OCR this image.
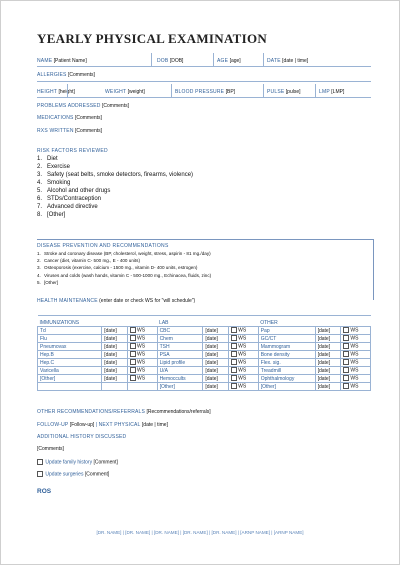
YEARLY PHYSICAL EXAMINATION
NAME [Patient Name]	DOB [DOB]	AGE [age]	DATE [date | time]
ALLERGIES [Comments]
HEIGHT [height]	WEIGHT [weight]	BLOOD PRESSURE [BP]	PULSE [pulse]	LMP [LMP]
PROBLEMS ADDRESSED [Comments]
MEDICATIONS [Comments]
RXS WRITTEN [Comments]
RISK FACTORS REVIEWED
1. Diet
2. Exercise
3. Safety (seat belts, smoke detectors, firearms, violence)
4. Smoking
5. Alcohol and other drugs
6. STDs/Contraception
7. Advanced directive
8. [Other]
DISEASE PREVENTION AND RECOMMENDATIONS
1. Stroke and coronary disease (BP, cholesterol, weight, stress, aspirin - 81 mg./day)
2. Cancer (diet, vitamin C- 500 mg., E - 400 units)
3. Osteoporosis (exercise, calcium - 1500 mg., vitamin D- 400 units, estrogen)
4. Viruses and colds (wash hands, vitamin C - 500-1000 mg., Echinacea, fluids, zinc)
5. [Other]
HEALTH MAINTENANCE (enter date or check WS for "will schedule")
IMMUNIZATIONS			LAB			OTHER		
Td	[date]	WS	CBC	[date]	WS	Pap	[date]	WS
Flu	[date]	WS	Chem	[date]	WS	GC/CT	[date]	WS
Pneumovax	[date]	WS	TSH	[date]	WS	Mammogram	[date]	WS
Hep.B	[date]	WS	PSA	[date]	WS	Bone density	[date]	WS
Hep.C	[date]	WS	Lipid profile	[date]	WS	Flex. sig.	[date]	WS
Varicella	[date]	WS	U/A	[date]	WS	Treadmill	[date]	WS
[Other]	[date]	WS	Hemoccults	[date]	WS	Ophthalmology	[date]	WS
			[Other]	[date]	WS	[Other]	[date]	WS
OTHER RECOMMENDATIONS/REFERRALS [Recommendations/referrals]
FOLLOW-UP [Follow-up] | NEXT PHYSICAL [date | time]
ADDITIONAL HISTORY DISCUSSED
[Comments]
Update family history [Comment]
Update surgeries [Comment]
ROS
[DR. NAME] | [DR. NAME] | [DR. NAME] | [DR. NAME] | [DR. NAME] | [ARNP NAME] | [ARNP NAME]
